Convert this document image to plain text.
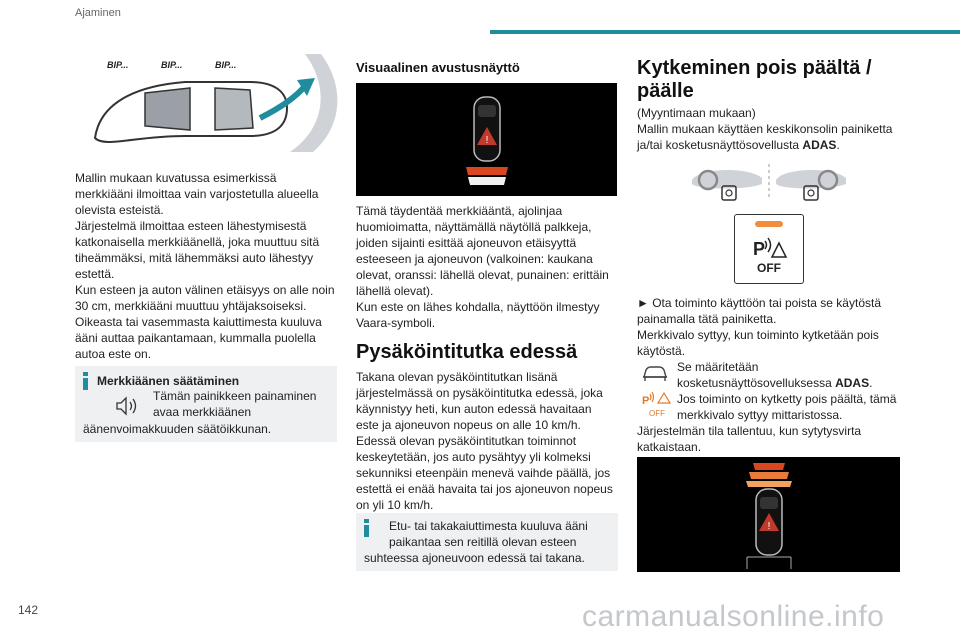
Ajaminen
142
BIP...	BIP...	BIP...

Mallin mukaan kuvatussa esimerkissä

merkkiääni ilmoittaa vain varjostetulla alueella

olevista esteistä.

Järjestelmä ilmoittaa esteen lähestymisestä

katkonaisella merkkiäänellä, joka muuttuu sitä

tiheämmäksi, mitä lähemmäksi auto lähestyy

estettä.

Kun esteen ja auton välinen etäisyys on alle noin

30 cm, merkkiääni muuttuu yhtäjaksoiseksi.

Oikeasta tai vasemmasta kaiuttimesta kuuluva

ääni auttaa paikantamaan, kummalla puolella

autoa este on.

Merkkiäänen säätäminen

Tämän painikkeen painaminen

avaa merkkiäänen

äänenvoimakkuuden säätöikkunan.

Visuaalinen avustusnäyttö

!

Tämä täydentää merkkiääntä, ajolinjaa

huomioimatta, näyttämällä näytöllä palkkeja,

joiden sijainti esittää ajoneuvon etäisyyttä

esteeseen ja ajoneuvon (valkoinen: kaukana

olevat, oranssi: lähellä olevat, punainen: erittäin

lähellä olevat).

Kun este on lähes kohdalla, näyttöön ilmestyy

Vaara-symboli.

Pysäköintitutka edessä

Takana olevan pysäköintitutkan lisänä

järjestelmässä on pysäköintitutka edessä, joka

käynnistyy heti, kun auton edessä havaitaan

este ja ajoneuvon nopeus on alle 10 km/h.

Edessä olevan pysäköintitutkan toiminnot

keskeytetään, jos auto pysähtyy yli kolmeksi

sekunniksi eteenpäin menevä vaihde päällä, jos

estettä ei enää havaita tai jos ajoneuvon nopeus

on yli 10 km/h.

Etu- tai takakaiuttimesta kuuluva ääni

paikantaa sen reitillä olevan esteen

suhteessa ajoneuvoon edessä tai takana.

Kytkeminen pois päältä /

päälle

(Myyntimaan mukaan)

Mallin mukaan käyttäen keskikonsolin painiketta

ja/tai kosketusnäyttösovellusta ADAS.

P
OFF

► Ota toiminto käyttöön tai poista se käytöstä

painamalla tätä painiketta.

Merkkivalo syttyy, kun toiminto kytketään pois

käytöstä.

Se määritetään

kosketusnäyttösovelluksessa ADAS.

P
OFF

Jos toiminto on kytketty pois päältä, tämä

merkkivalo syttyy mittaristossa.

Järjestelmän tila tallentuu, kun sytytysvirta

katkaistaan.

!
carmanualsonline.info
